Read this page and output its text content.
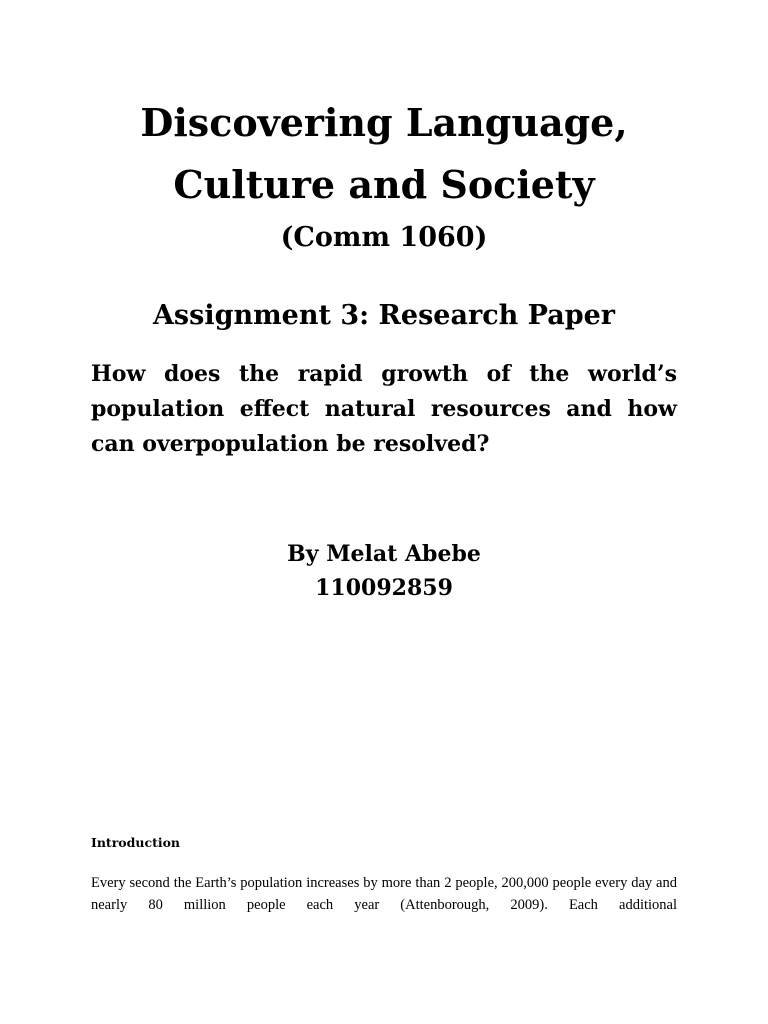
Discovering Language,
Culture and Society

(Comm 1060)

Assignment 3: Research Paper

How does the rapid growth of the world’s population effect natural resources and how can overpopulation be resolved?

By Melat Abebe
110092859

Introduction

Every second the Earth’s population increases by more than 2 people, 200,000 people every day and nearly 80 million people each year (Attenborough, 2009). Each additional
